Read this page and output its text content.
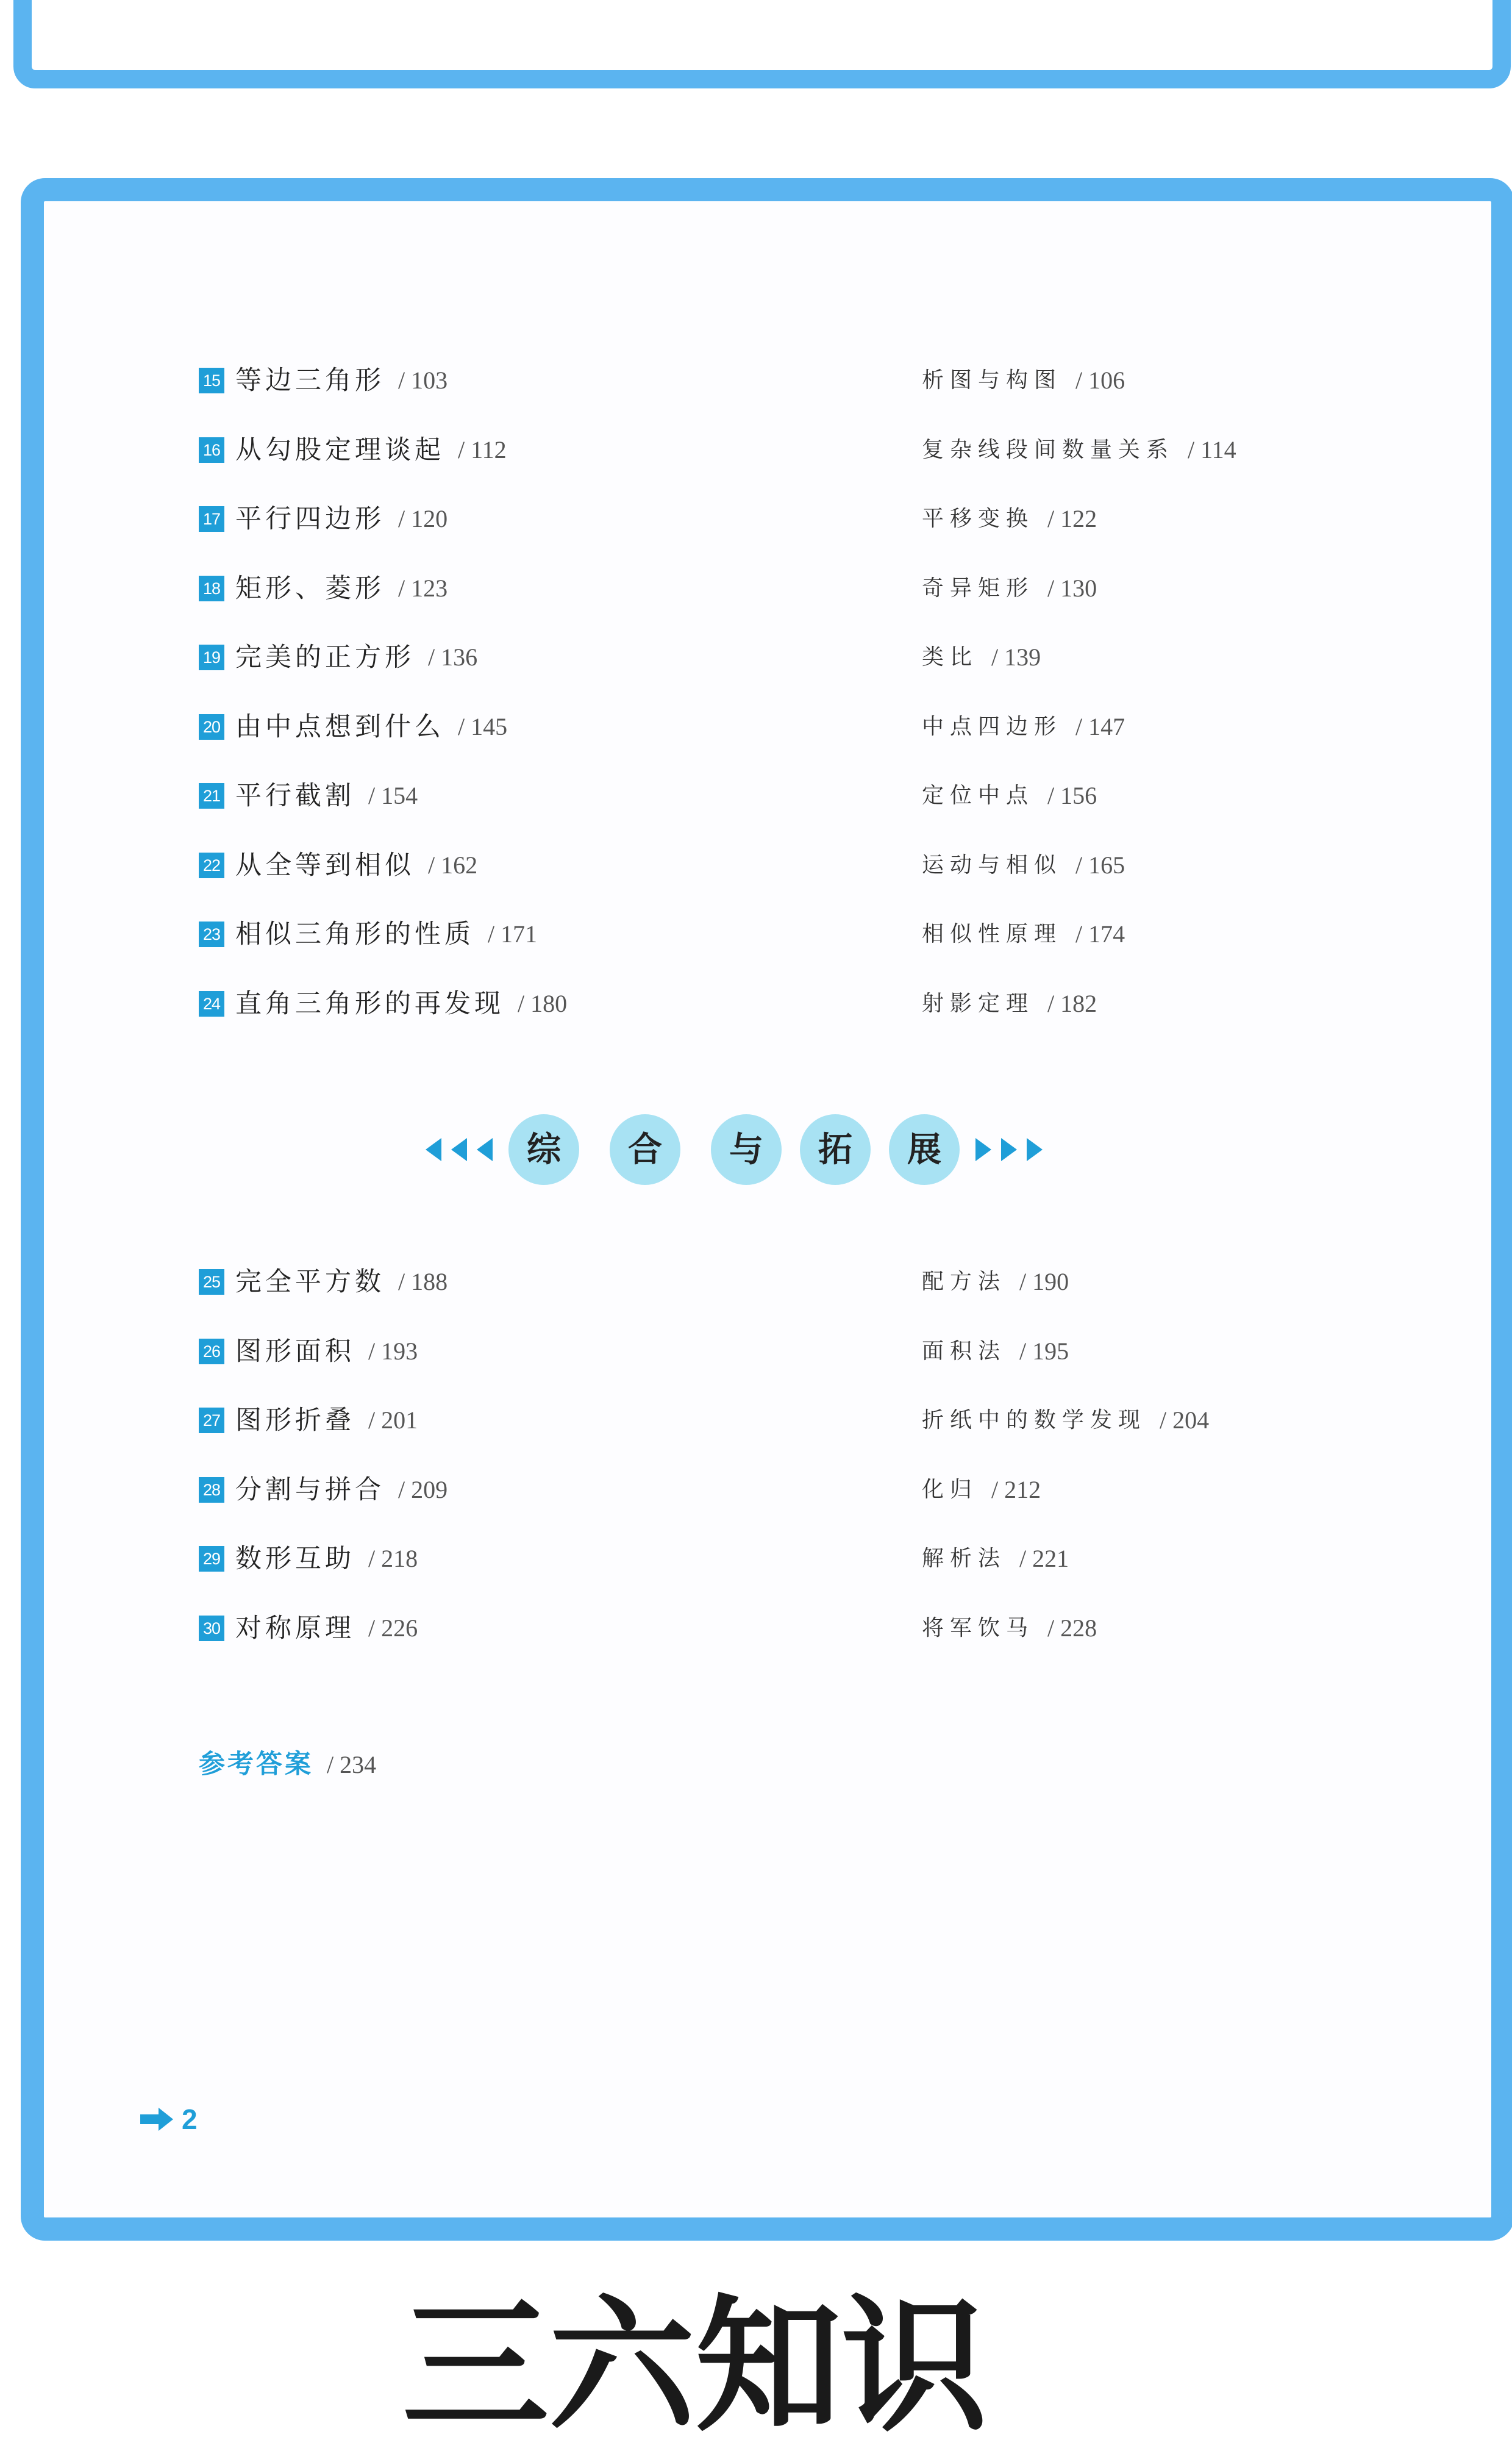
15 等边三角形 / 103	析图与构图 / 106
16 从勾股定理谈起 / 112	复杂线段间数量关系 / 114
17 平行四边形 / 120	平移变换 / 122
18 矩形、菱形 / 123	奇异矩形 / 130
19 完美的正方形 / 136	类比 / 139
20 由中点想到什么 / 145	中点四边形 / 147
21 平行截割 / 154	定位中点 / 156
22 从全等到相似 / 162	运动与相似 / 165
23 相似三角形的性质 / 171	相似性原理 / 174
24 直角三角形的再发现 / 180	射影定理 / 182
综	合	与	拓	展
25 完全平方数 / 188	配方法 / 190
26 图形面积 / 193	面积法 / 195
27 图形折叠 / 201	折纸中的数学发现 / 204
28 分割与拼合 / 209	化归 / 212
29 数形互助 / 218	解析法 / 221
30 对称原理 / 226	将军饮马 / 228
参考答案 / 234
2
三六知识
